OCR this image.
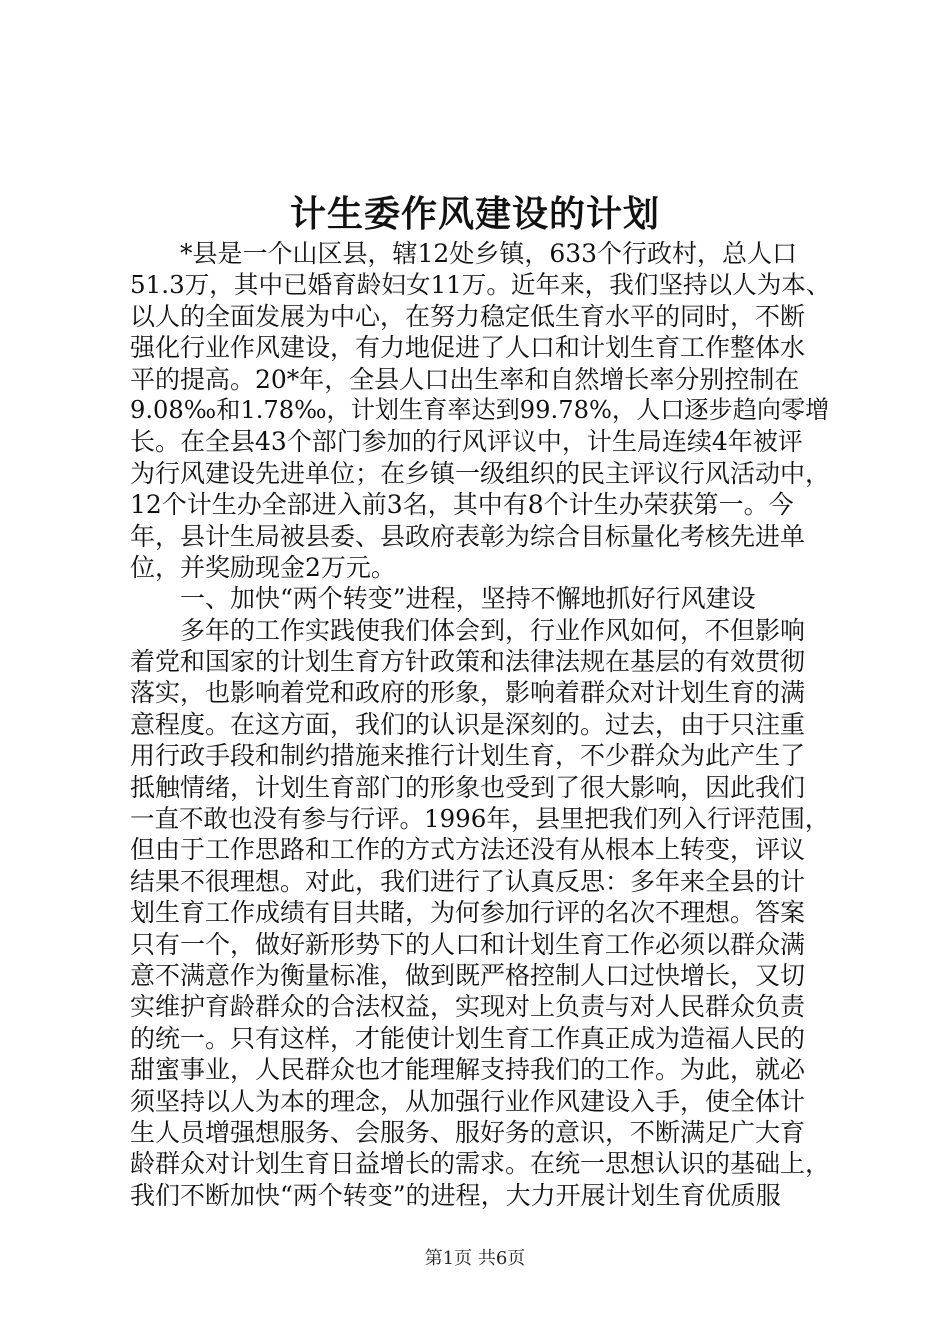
计生委作风建设的计划
　　*县是一个山区县，辖12处乡镇，633个行政村，总人口
51.3万，其中已婚育龄妇女11万。近年来，我们坚持以人为本、
以人的全面发展为中心，在努力稳定低生育水平的同时，不断
强化行业作风建设，有力地促进了人口和计划生育工作整体水
平的提高。20*年，全县人口出生率和自然增长率分别控制在
9.08‰和1.78‰，计划生育率达到99.78%，人口逐步趋向零增
长。在全县43个部门参加的行风评议中，计生局连续4年被评
为行风建设先进单位；在乡镇一级组织的民主评议行风活动中，
12个计生办全部进入前3名，其中有8个计生办荣获第一。今
年，县计生局被县委、县政府表彰为综合目标量化考核先进单
位，并奖励现金2万元。
　　一、加快“两个转变”进程，坚持不懈地抓好行风建设
　　多年的工作实践使我们体会到，行业作风如何，不但影响
着党和国家的计划生育方针政策和法律法规在基层的有效贯彻
落实，也影响着党和政府的形象，影响着群众对计划生育的满
意程度。在这方面，我们的认识是深刻的。过去，由于只注重
用行政手段和制约措施来推行计划生育，不少群众为此产生了
抵触情绪，计划生育部门的形象也受到了很大影响，因此我们
一直不敢也没有参与行评。1996年，县里把我们列入行评范围，
但由于工作思路和工作的方式方法还没有从根本上转变，评议
结果不很理想。对此，我们进行了认真反思：多年来全县的计
划生育工作成绩有目共睹，为何参加行评的名次不理想。答案
只有一个，做好新形势下的人口和计划生育工作必须以群众满
意不满意作为衡量标准，做到既严格控制人口过快增长，又切
实维护育龄群众的合法权益，实现对上负责与对人民群众负责
的统一。只有这样，才能使计划生育工作真正成为造福人民的
甜蜜事业，人民群众也才能理解支持我们的工作。为此，就必
须坚持以人为本的理念，从加强行业作风建设入手，使全体计
生人员增强想服务、会服务、服好务的意识，不断满足广大育
龄群众对计划生育日益增长的需求。在统一思想认识的基础上，
我们不断加快“两个转变”的进程，大力开展计划生育优质服
第1页 共6页
